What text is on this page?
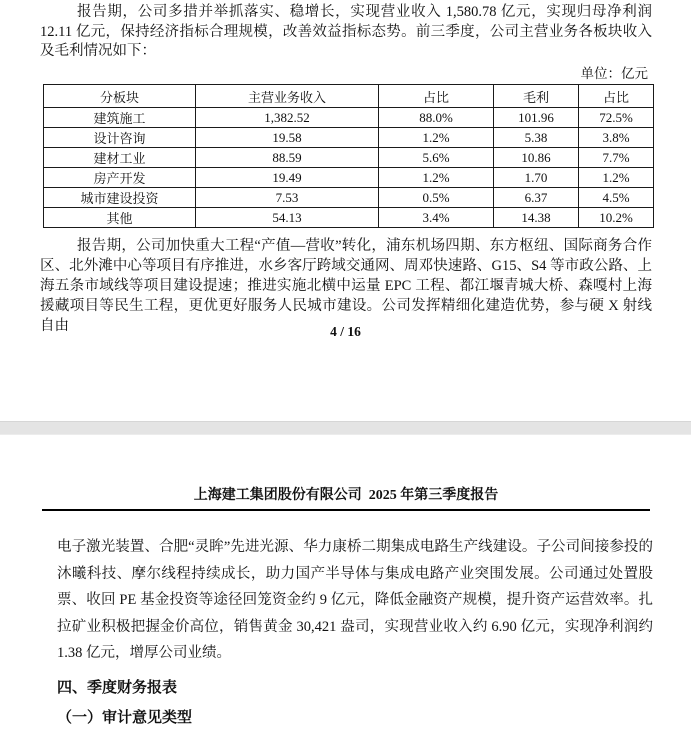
报告期，公司多措并举抓落实、稳增长，实现营业收入 1,580.78 亿元，实现归母净利润 12.11 亿元，保持经济指标合理规模，改善效益指标态势。前三季度，公司主营业务各板块收入及毛利情况如下：

单位：亿元
分板块	主营业务收入	占比	毛利	占比
建筑施工	1,382.52	88.0%	101.96	72.5%
设计咨询	19.58	1.2%	5.38	3.8%
建材工业	88.59	5.6%	10.86	7.7%
房产开发	19.49	1.2%	1.70	1.2%
城市建设投资	7.53	0.5%	6.37	4.5%
其他	54.13	3.4%	14.38	10.2%

报告期，公司加快重大工程“产值—营收”转化，浦东机场四期、东方枢纽、国际商务合作区、北外滩中心等项目有序推进，水乡客厅跨域交通网、周邓快速路、G15、S4 等市政公路、上海五条市域线等项目建设提速；推进实施北横中运量 EPC 工程、都江堰青城大桥、森嘎村上海援藏项目等民生工程，更优更好服务人民城市建设。公司发挥精细化建造优势，参与硬 X 射线自由	4 / 16
上海建工集团股份有限公司  2025 年第三季度报告

电子激光装置、合肥“灵眸”先进光源、华力康桥二期集成电路生产线建设。子公司间接参投的沐曦科技、摩尔线程持续成长，助力国产半导体与集成电路产业突围发展。公司通过处置股票、收回 PE 基金投资等途径回笼资金约 9 亿元，降低金融资产规模，提升资产运营效率。扎拉矿业积极把握金价高位，销售黄金 30,421 盎司，实现营业收入约 6.90 亿元，实现净利润约 1.38 亿元，增厚公司业绩。

四、季度财务报表
（一）审计意见类型
